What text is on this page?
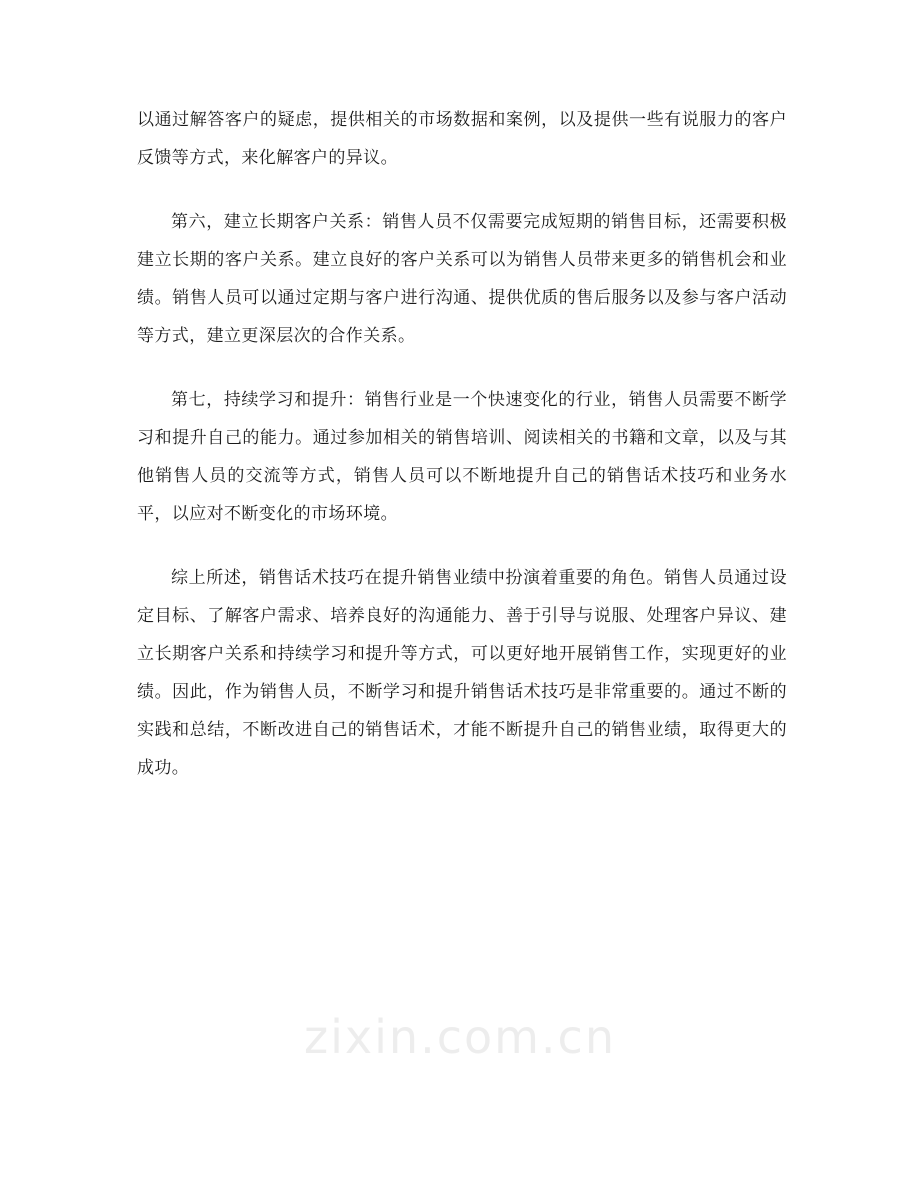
以通过解答客户的疑虑，提供相关的市场数据和案例，以及提供一些有说服力的客户反馈等方式，来化解客户的异议。

第六，建立长期客户关系：销售人员不仅需要完成短期的销售目标，还需要积极建立长期的客户关系。建立良好的客户关系可以为销售人员带来更多的销售机会和业绩。销售人员可以通过定期与客户进行沟通、提供优质的售后服务以及参与客户活动等方式，建立更深层次的合作关系。

第七，持续学习和提升：销售行业是一个快速变化的行业，销售人员需要不断学习和提升自己的能力。通过参加相关的销售培训、阅读相关的书籍和文章，以及与其他销售人员的交流等方式，销售人员可以不断地提升自己的销售话术技巧和业务水平，以应对不断变化的市场环境。

综上所述，销售话术技巧在提升销售业绩中扮演着重要的角色。销售人员通过设定目标、了解客户需求、培养良好的沟通能力、善于引导与说服、处理客户异议、建立长期客户关系和持续学习和提升等方式，可以更好地开展销售工作，实现更好的业绩。因此，作为销售人员，不断学习和提升销售话术技巧是非常重要的。通过不断的实践和总结，不断改进自己的销售话术，才能不断提升自己的销售业绩，取得更大的成功。

zixin.com.cn
